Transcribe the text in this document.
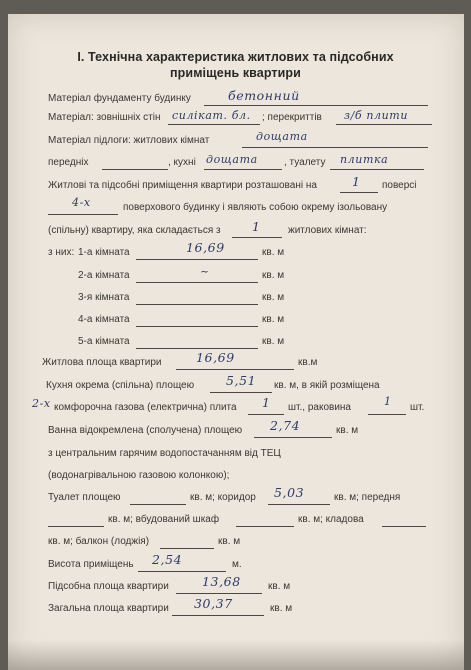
І. Технічна характеристика житлових та підсобних
приміщень квартири
Матеріал фундаменту будинку	бетонний
Матеріал: зовнішніх стін силікат. бл. ; перекриттів з/б плити
Матеріал підлоги: житлових кімнат	дощата
передніх	, кухні дощата	, туалету плитка
Житлові та підсобні приміщення квартири розташовані на	1 поверсі
4-х	поверхового будинку і являють собою окрему ізольовану
(спільну) квартиру, яка складається з	1	житлових кімнат:
з них: 1-а кімната	16,69	кв. м
2-а кімната	~	кв. м
3-я кімната	кв. м
4-а кімната	кв. м
5-а кімната	кв. м
Житлова площа квартири	16,69	кв.м
Кухня окрема (спільна) площею	5,51 кв. м, в якій розміщена
2-х комфорочна газова (електрична) плита 1 шт., раковина	1 шт.
Ванна відокремлена (сполучена) площею 2,74	кв. м
з центральним гарячим водопостачанням від ТЕЦ
(водонагрівальною газовою колонкою);
Туалет площею	кв. м; коридор 5,03	кв. м; передня
кв. м; вбудований шкаф	кв. м; кладова
кв. м; балкон (лоджія)	кв. м
Висота приміщень 2,54	м.
Підсобна площа квартири	13,68	кв. м
Загальна площа квартири 30,37	кв. м
